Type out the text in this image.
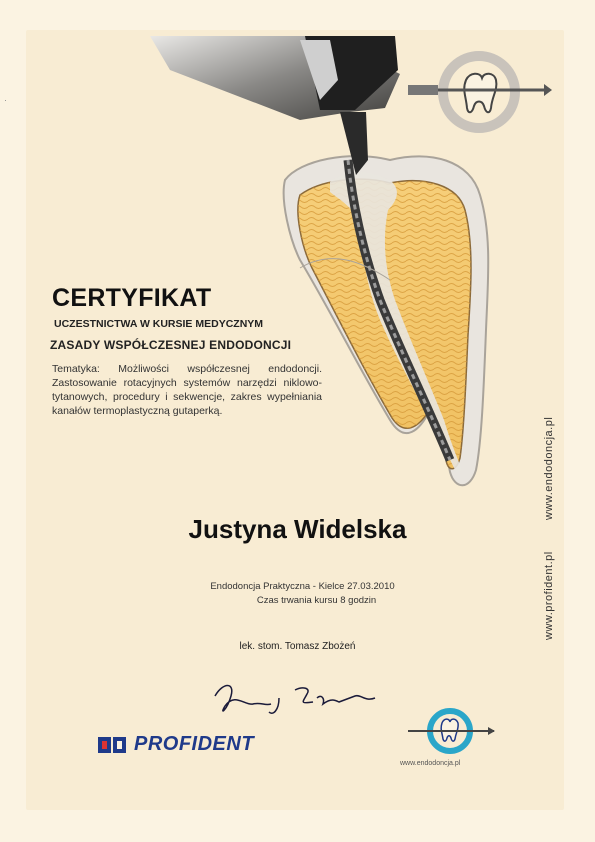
CERTYFIKAT
UCZESTNICTWA W KURSIE MEDYCZNYM
ZASADY WSPÓŁCZESNEJ ENDODONCJI
Tematyka: Możliwości współczesnej endodoncji. Zastosowanie rotacyjnych systemów narzędzi niklowo-tytanowych, procedury i sekwencje, zakres wypełniania kanałów termoplastyczną gutaperką.
Justyna Widelska
Endodoncja Praktyczna - Kielce 27.03.2010
Czas trwania kursu 8 godzin
lek. stom. Tomasz Zbożeń
PROFIDENT
www.endodoncja.pl
www.endodoncja.pl
www.profident.pl
